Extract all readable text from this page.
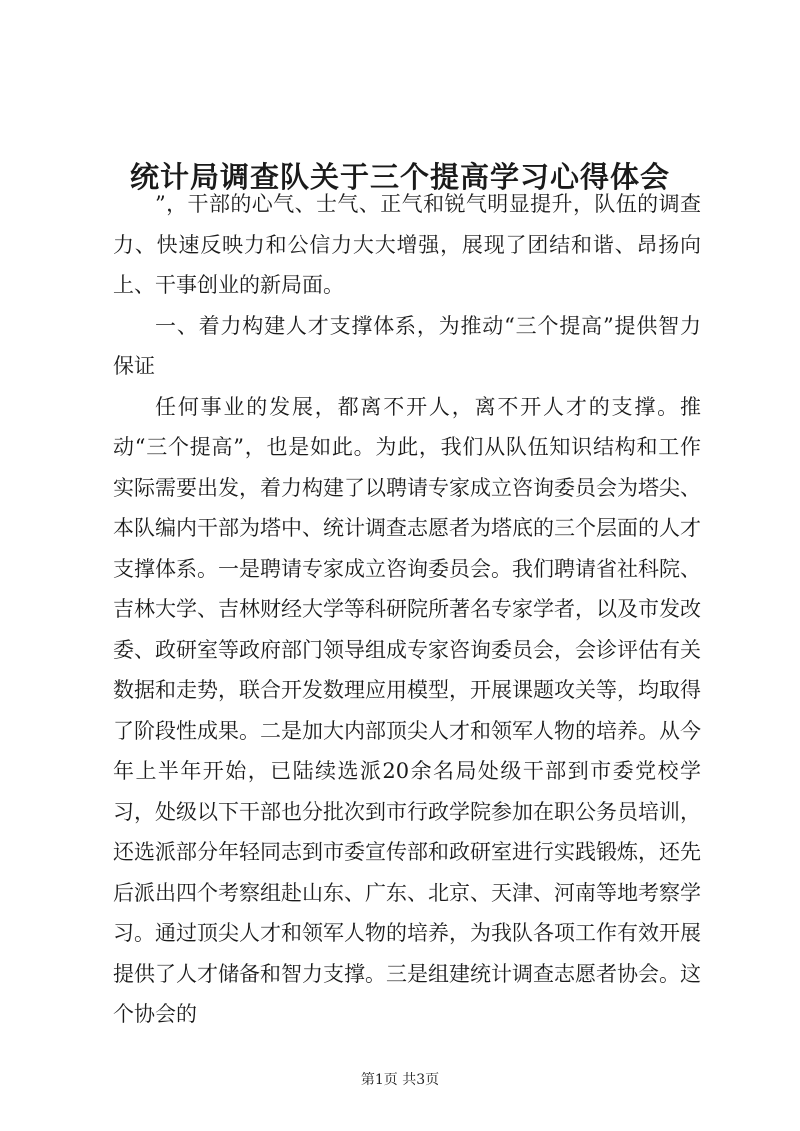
统计局调查队关于三个提高学习心得体会

”，干部的心气、士气、正气和锐气明显提升，队伍的调查力、快速反映力和公信力大大增强，展现了团结和谐、昂扬向上、干事创业的新局面。

一、着力构建人才支撑体系，为推动“三个提高”提供智力保证

任何事业的发展，都离不开人，离不开人才的支撑。推动“三个提高”，也是如此。为此，我们从队伍知识结构和工作实际需要出发，着力构建了以聘请专家成立咨询委员会为塔尖、本队编内干部为塔中、统计调查志愿者为塔底的三个层面的人才支撑体系。一是聘请专家成立咨询委员会。我们聘请省社科院、吉林大学、吉林财经大学等科研院所著名专家学者，以及市发改委、政研室等政府部门领导组成专家咨询委员会，会诊评估有关数据和走势，联合开发数理应用模型，开展课题攻关等，均取得了阶段性成果。二是加大内部顶尖人才和领军人物的培养。从今年上半年开始，已陆续选派20余名局处级干部到市委党校学习，处级以下干部也分批次到市行政学院参加在职公务员培训，还选派部分年轻同志到市委宣传部和政研室进行实践锻炼，还先后派出四个考察组赴山东、广东、北京、天津、河南等地考察学习。通过顶尖人才和领军人物的培养，为我队各项工作有效开展提供了人才储备和智力支撑。三是组建统计调查志愿者协会。这个协会的

第1页 共3页
